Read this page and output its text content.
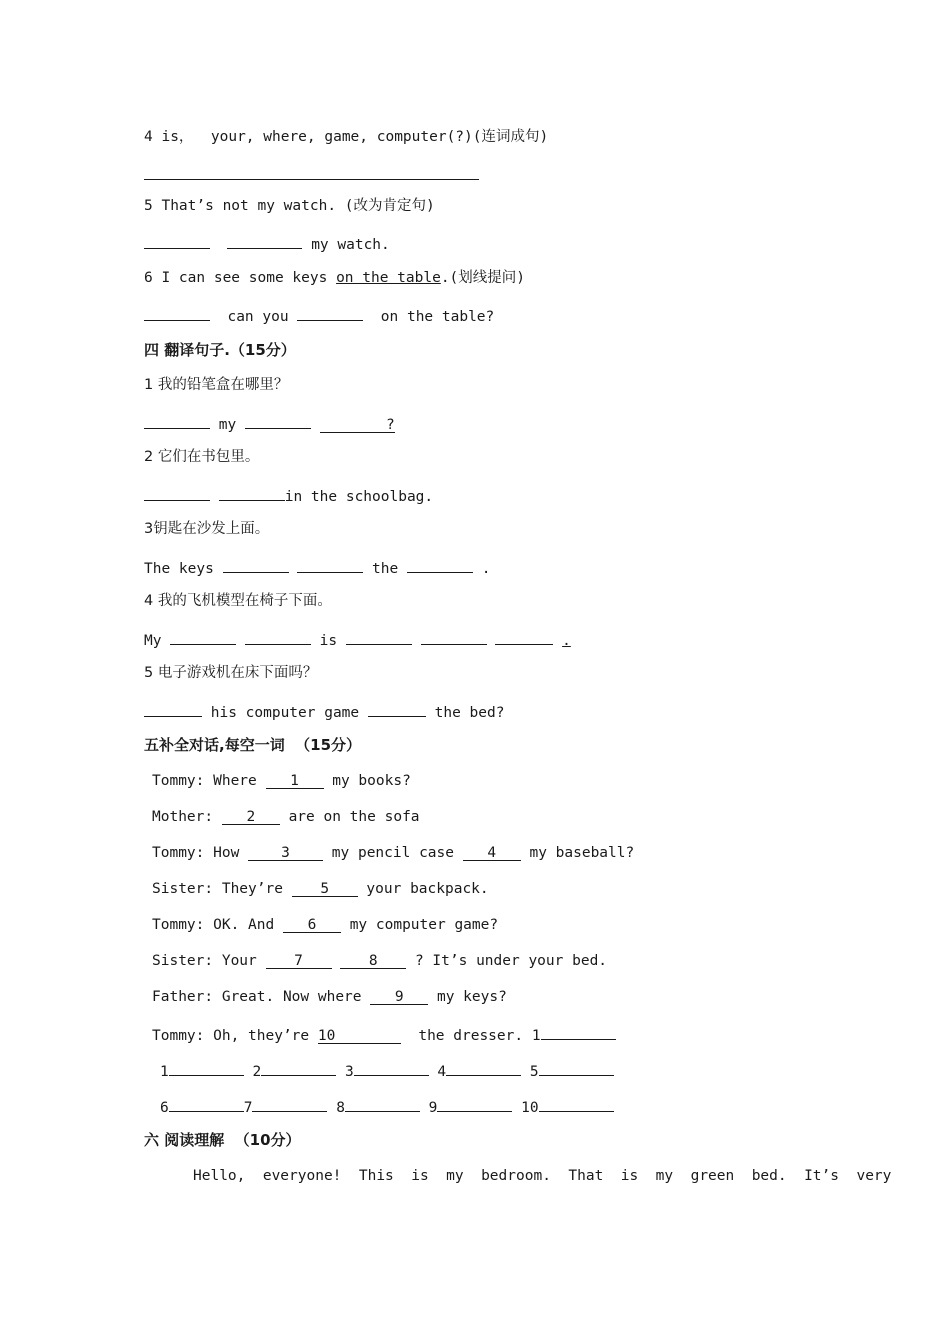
4 is，  your, where, game, computer(?)(连词成句)
5 That’s not my watch. (改为肯定句)
my watch.
6 I can see some keys on the table.(划线提问)
can you	on the table?
四 翻译句子.（15分）
1 我的铅笔盒在哪里？
my	?
2 它们在书包里。
in the schoolbag.
3钥匙在沙发上面。
The keys	the	.
4 我的飞机模型在椅子下面。
My	is	.
5 电子游戏机在床下面吗？
his computer game	the bed?
五补全对话,每空一词  （15分）
Tommy: Where 1 my books?
Mother: 2 are on the sofa
Tommy: How	3	my pencil case 4 my baseball?
Sister: They’re	5	your backpack.
Tommy: OK. And 6 my computer game?
Sister: Your	7	8	? It’s under your bed.
Father: Great. Now where 9 my keys?
Tommy: Oh, they’re 10	the dresser. 1
1	2	3	4	5
6	7	8	9	10
六 阅读理解  （10分）
Hello,  everyone!  This  is  my  bedroom.  That  is  my  green  bed.  It’s  very
